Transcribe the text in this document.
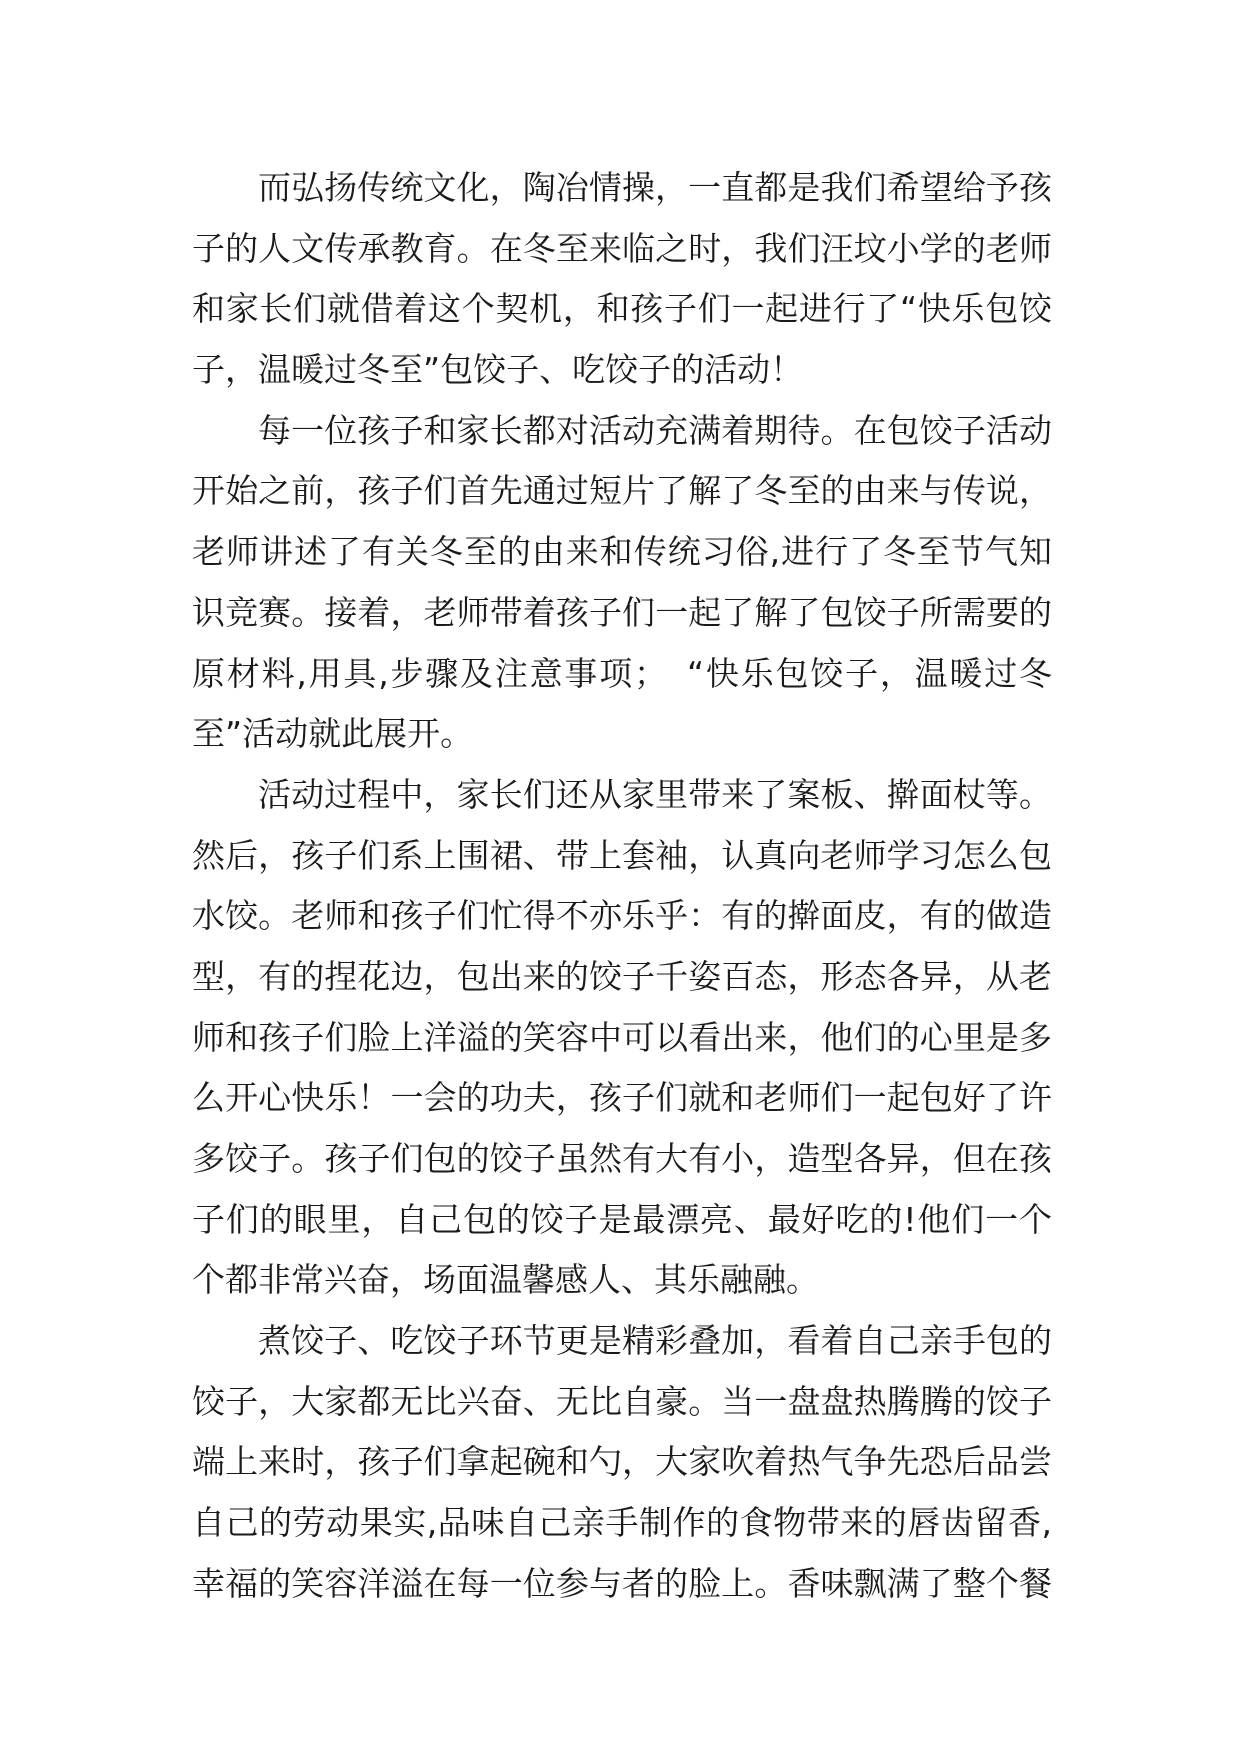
而弘扬传统文化，陶冶情操，一直都是我们希望给予孩
子的人文传承教育。在冬至来临之时，我们汪坟小学的老师
和家长们就借着这个契机，和孩子们一起进行了“快乐包饺
子，温暖过冬至”包饺子、吃饺子的活动！
每一位孩子和家长都对活动充满着期待。在包饺子活动
开始之前，孩子们首先通过短片了解了冬至的由来与传说，
老师讲述了有关冬至的由来和传统习俗,进行了冬至节气知
识竞赛。接着，老师带着孩子们一起了解了包饺子所需要的
原材料,用具,步骤及注意事项；　“快乐包饺子，温暖过冬
至”活动就此展开。
活动过程中，家长们还从家里带来了案板、擀面杖等。
然后，孩子们系上围裙、带上套袖，认真向老师学习怎么包
水饺。老师和孩子们忙得不亦乐乎：有的擀面皮，有的做造
型，有的捏花边，包出来的饺子千姿百态，形态各异，从老
师和孩子们脸上洋溢的笑容中可以看出来，他们的心里是多
么开心快乐！一会的功夫，孩子们就和老师们一起包好了许
多饺子。孩子们包的饺子虽然有大有小，造型各异，但在孩
子们的眼里，自己包的饺子是最漂亮、最好吃的!他们一个
个都非常兴奋，场面温馨感人、其乐融融。
煮饺子、吃饺子环节更是精彩叠加，看着自己亲手包的
饺子，大家都无比兴奋、无比自豪。当一盘盘热腾腾的饺子
端上来时，孩子们拿起碗和勺，大家吹着热气争先恐后品尝
自己的劳动果实,品味自己亲手制作的食物带来的唇齿留香,
幸福的笑容洋溢在每一位参与者的脸上。香味飘满了整个餐
